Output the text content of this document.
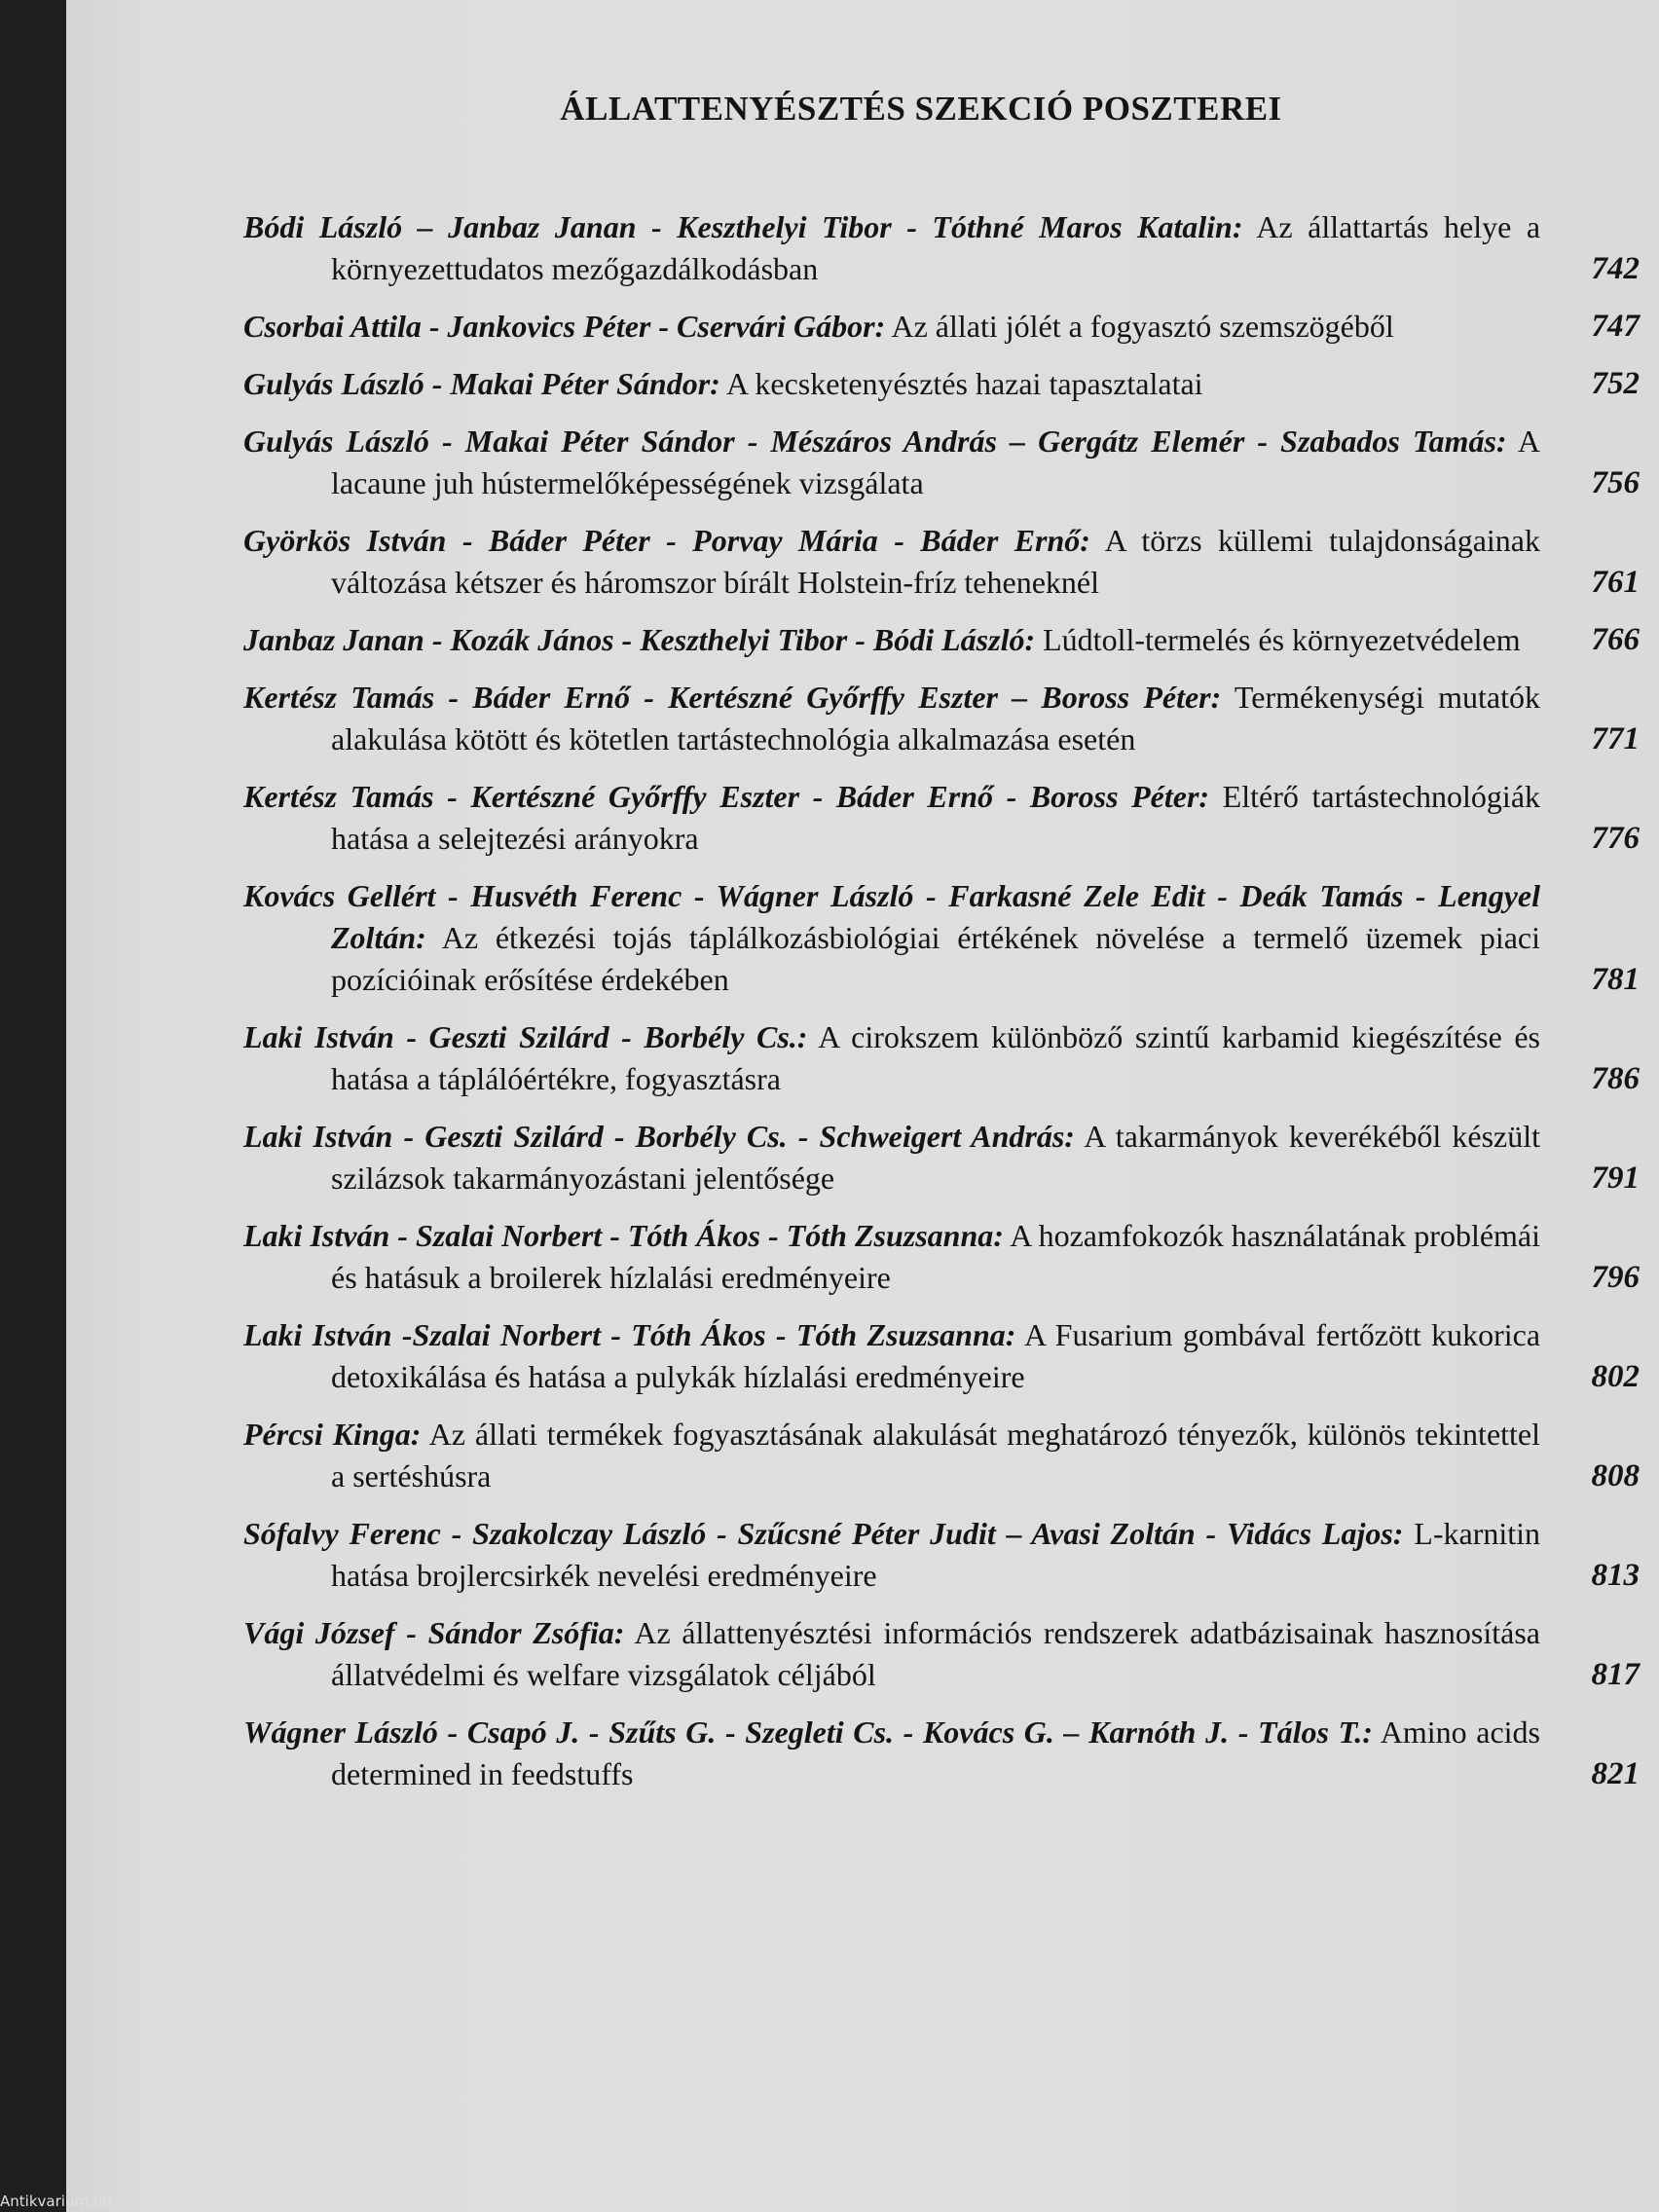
ÁLLATTENYÉSZTÉS SZEKCIÓ POSZTEREI
Bódi László – Janbaz Janan - Keszthelyi Tibor - Tóthné Maros Katalin: Az állattartás helye a környezettudatos mezőgazdálkodásban	742
Csorbai Attila - Jankovics Péter - Cservári Gábor: Az állati jólét a fogyasztó szemszögéből	747
Gulyás László - Makai Péter Sándor: A kecsketenyésztés hazai tapasztalatai	752
Gulyás László - Makai Péter Sándor - Mészáros András – Gergátz Elemér - Szabados Tamás: A lacaune juh hústermelőképességének vizsgálata	756
Györkös István - Báder Péter - Porvay Mária - Báder Ernő: A törzs küllemi tulajdonságainak változása kétszer és háromszor bírált Holstein-fríz teheneknél	761
Janbaz Janan - Kozák János - Keszthelyi Tibor - Bódi László: Lúdtoll-termelés és környezetvédelem	766
Kertész Tamás - Báder Ernő - Kertészné Győrffy Eszter – Boross Péter: Termékenységi mutatók alakulása kötött és kötetlen tartástechnológia alkalmazása esetén	771
Kertész Tamás - Kertészné Győrffy Eszter - Báder Ernő - Boross Péter: Eltérő tartástechnológiák hatása a selejtezési arányokra	776
Kovács Gellért - Husvéth Ferenc - Wágner László - Farkasné Zele Edit - Deák Tamás - Lengyel Zoltán: Az étkezési tojás táplálkozásbiológiai értékének növelése a termelő üzemek piaci pozícióinak erősítése érdekében	781
Laki István - Geszti Szilárd - Borbély Cs.: A cirokszem különböző szintű karbamid kiegészítése és hatása a táplálóértékre, fogyasztásra	786
Laki István - Geszti Szilárd - Borbély Cs. - Schweigert András: A takarmányok keverékéből készült szilázsok takarmányozástani jelentősége	791
Laki István - Szalai Norbert - Tóth Ákos - Tóth Zsuzsanna: A hozamfokozók használatának problémái és hatásuk a broilerek hízlalási eredményeire	796
Laki István -Szalai Norbert - Tóth Ákos - Tóth Zsuzsanna: A Fusarium gombával fertőzött kukorica detoxikálása és hatása a pulykák hízlalási eredményeire	802
Pércsi Kinga: Az állati termékek fogyasztásának alakulását meghatározó tényezők, különös tekintettel a sertéshúsra	808
Sófalvy Ferenc - Szakolczay László - Szűcsné Péter Judit – Avasi Zoltán - Vidács Lajos: L-karnitin hatása brojlercsirkék nevelési eredményeire	813
Vági József - Sándor Zsófia: Az állattenyésztési információs rendszerek adatbázisainak hasznosítása állatvédelmi és welfare vizsgálatok céljából	817
Wágner László - Csapó J. - Szűts G. - Szegleti Cs. - Kovács G. – Karnóth J. - Tálos T.: Amino acids determined in feedstuffs	821
Antikvarium.hu
